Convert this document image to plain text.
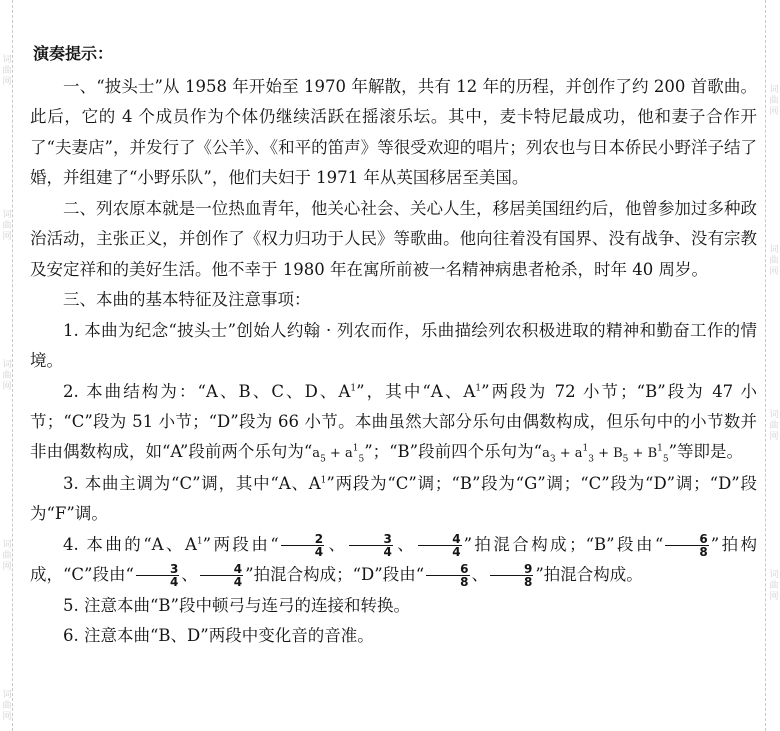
词
曲
网
词
曲
网
词
曲
网
词
曲
网
词
曲
网
词
曲
网
词
曲
网
词
曲
网
词
曲
网
演奏提示：

一、“披头士”从 1958 年开始至 1970 年解散，共有 12 年的历程，并创作了约 200 首歌曲。此后，它的 4 个成员作为个体仍继续活跃在摇滚乐坛。其中，麦卡特尼最成功，他和妻子合作开了“夫妻店”，并发行了《公羊》、《和平的笛声》等很受欢迎的唱片；列农也与日本侨民小野洋子结了婚，并组建了“小野乐队”，他们夫妇于 1971 年从英国移居至美国。

二、列农原本就是一位热血青年，他关心社会、关心人生，移居美国纽约后，他曾参加过多种政治活动，主张正义，并创作了《权力归功于人民》等歌曲。他向往着没有国界、没有战争、没有宗教及安定祥和的美好生活。他不幸于 1980 年在寓所前被一名精神病患者枪杀，时年 40 周岁。

三、本曲的基本特征及注意事项：

1. 本曲为纪念“披头士”创始人约翰 · 列农而作，乐曲描绘列农积极进取的精神和勤奋工作的情境。

2. 本曲结构为：“A、B、C、D、$A^1$”，其中“A、$A^1$”两段为 72 小节；“B”段为 47 小节；“C”段为 51 小节；“D”段为 66 小节。本曲虽然大部分乐句由偶数构成，但乐句中的小节数并非由偶数构成，如“A”段前两个乐句为“$a_5 + a^1_5$”；“B”段前四个乐句为“$a_3 + a^1_3 + B_5 + B^1_5$”等即是。

3. 本曲主调为“C”调，其中“A、$A^1$”两段为“C”调；“B”段为“G”调；“C”段为“D”调；“D”段为“F”调。

4. 本曲的“A、$A^1$”两段由“ $\frac{2}{4}$ 、 $\frac{3}{4}$ 、 $\frac{4}{4}$ ”拍混合构成；“B”段由“ $\frac{6}{8}$ ”拍构成，“C”段由“ $\frac{3}{4}$ 、 $\frac{4}{4}$ ”拍混合构成；“D”段由“ $\frac{6}{8}$ 、 $\frac{9}{8}$ ”拍混合构成。

5. 注意本曲“B”段中顿弓与连弓的连接和转换。

6. 注意本曲“B、D”两段中变化音的音准。
